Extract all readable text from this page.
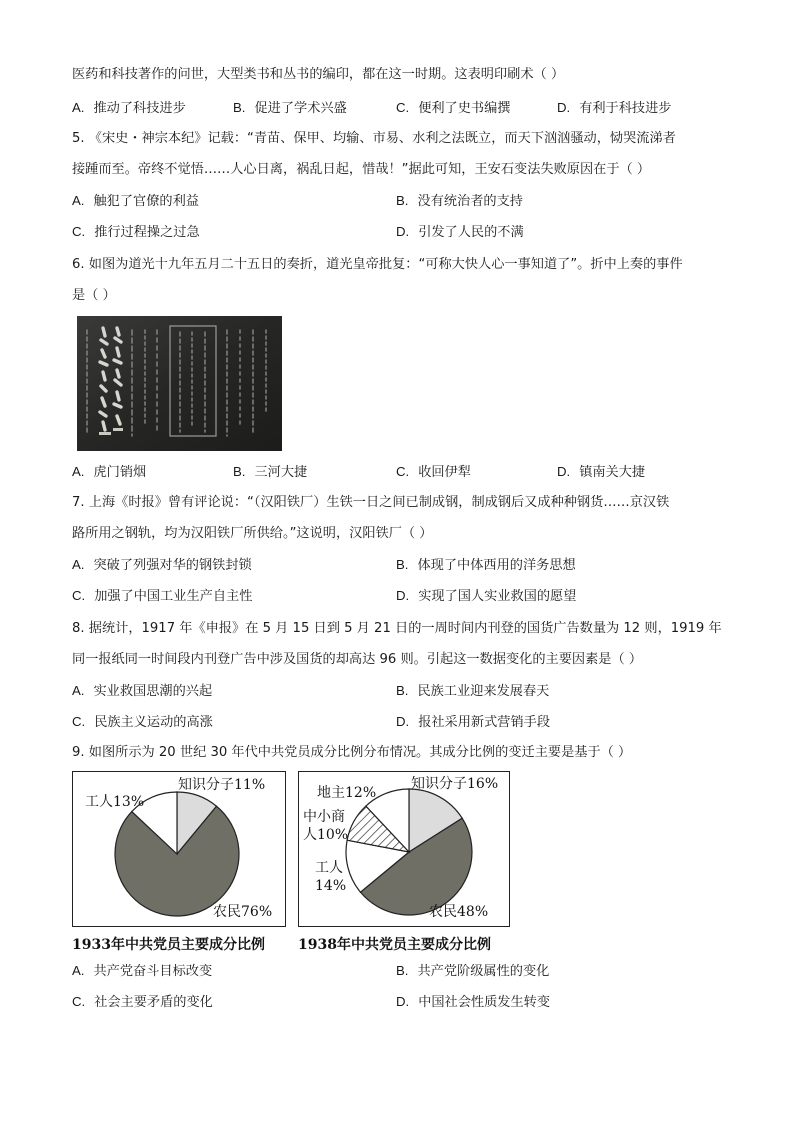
医药和科技著作的问世，大型类书和丛书的编印，都在这一时期。这表明印刷术（ ）
A. 推动了科技进步	B. 促进了学术兴盛	C. 便利了史书编撰	D. 有利于科技进步
5. 《宋史・神宗本纪》记载：“青苗、保甲、均输、市易、水利之法既立，而天下汹汹骚动，恸哭流涕者
接踵而至。帝终不觉悟……人心日离，祸乱日起，惜哉！”据此可知，王安石变法失败原因在于（ ）
A. 触犯了官僚的利益	B. 没有统治者的支持
C. 推行过程操之过急	D. 引发了人民的不满
6. 如图为道光十九年五月二十五日的奏折，道光皇帝批复：“可称大快人心一事知道了”。折中上奏的事件
是（ ）
A. 虎门销烟	B. 三河大捷	C. 收回伊犁	D. 镇南关大捷
7. 上海《时报》曾有评论说：“（汉阳铁厂）生铁一日之间已制成钢，制成钢后又成种种钢货……京汉铁
路所用之钢轨，均为汉阳铁厂所供给。”这说明，汉阳铁厂（ ）
A. 突破了列强对华的钢铁封锁	B. 体现了中体西用的洋务思想
C. 加强了中国工业生产自主性	D. 实现了国人实业救国的愿望
8. 据统计，1917 年《申报》在 5 月 15 日到 5 月 21 日的一周时间内刊登的国货广告数量为 12 则，1919 年
同一报纸同一时间段内刊登广告中涉及国货的却高达 96 则。引起这一数据变化的主要因素是（ ）
A. 实业救国思潮的兴起	B. 民族工业迎来发展春天
C. 民族主义运动的高涨	D. 报社采用新式营销手段
9. 如图所示为 20 世纪 30 年代中共党员成分比例分布情况。其成分比例的变迁主要是基于（ ）
知识分子11%
农民76%
工人13%
1933年中共党员主要成分比例
知识分子16%
农民48%
工人
14%
中小商
人10%
地主12%
1938年中共党员主要成分比例
A. 共产党奋斗目标改变	B. 共产党阶级属性的变化
C. 社会主要矛盾的变化	D. 中国社会性质发生转变
